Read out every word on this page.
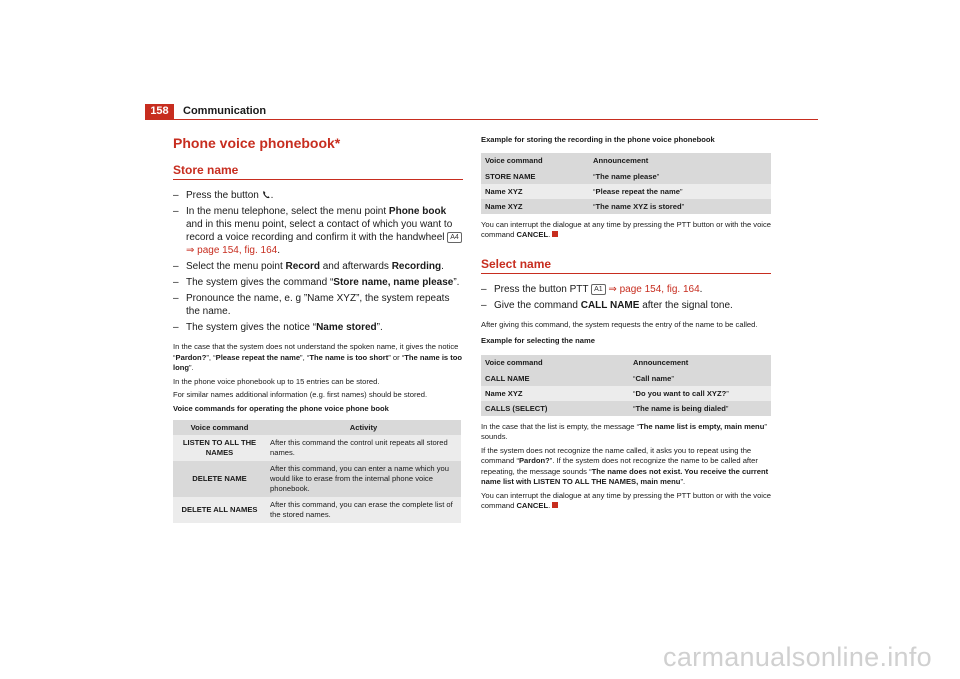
158	Communication
Phone voice phonebook*
Store name
– Press the button .
– In the menu telephone, select the menu point Phone book and in this menu point, select a contact of which you want to record a voice recording and confirm it with the handwheel A4 ⇒ page 154, fig. 164.
– Select the menu point Record and afterwards Recording.
– The system gives the command “Store name, name please”.
– Pronounce the name, e. g ”Name XYZ”, the system repeats the name.
– The system gives the notice “Name stored”.

In the case that the system does not understand the spoken name, it gives the notice “Pardon?”, “Please repeat the name”, “The name is too short” or “The name is too long”.

In the phone voice phonebook up to 15 entries can be stored.

For similar names additional information (e.g. first names) should be stored.

Voice commands for operating the phone voice phone book

Voice command	Activity
LISTEN TO ALL THE NAMES	After this command the control unit repeats all stored names.
DELETE NAME	After this command, you can enter a name which you would like to erase from the internal phone voice phonebook.
DELETE ALL NAMES	After this command, you can erase the complete list of the stored names.

Example for storing the recording in the phone voice phonebook

Voice command	Announcement
STORE NAME	“The name please”
Name XYZ	“Please repeat the name”
Name XYZ	“The name XYZ is stored”

You can interrupt the dialogue at any time by pressing the PTT button or with the voice command CANCEL.

Select name
– Press the button PTT A1 ⇒ page 154, fig. 164.
– Give the command CALL NAME after the signal tone.

After giving this command, the system requests the entry of the name to be called.

Example for selecting the name

Voice command	Announcement
CALL NAME	“Call name”
Name XYZ	“Do you want to call XYZ?”
CALLS (SELECT)	“The name is being dialed”

In the case that the list is empty, the message “The name list is empty, main menu” sounds.

If the system does not recognize the name called, it asks you to repeat using the command “Pardon?”. If the system does not recognize the name to be called after repeating, the message sounds “The name does not exist. You receive the current name list with LISTEN TO ALL THE NAMES, main menu”.

You can interrupt the dialogue at any time by pressing the PTT button or with the voice command CANCEL.

carmanualsonline.info
